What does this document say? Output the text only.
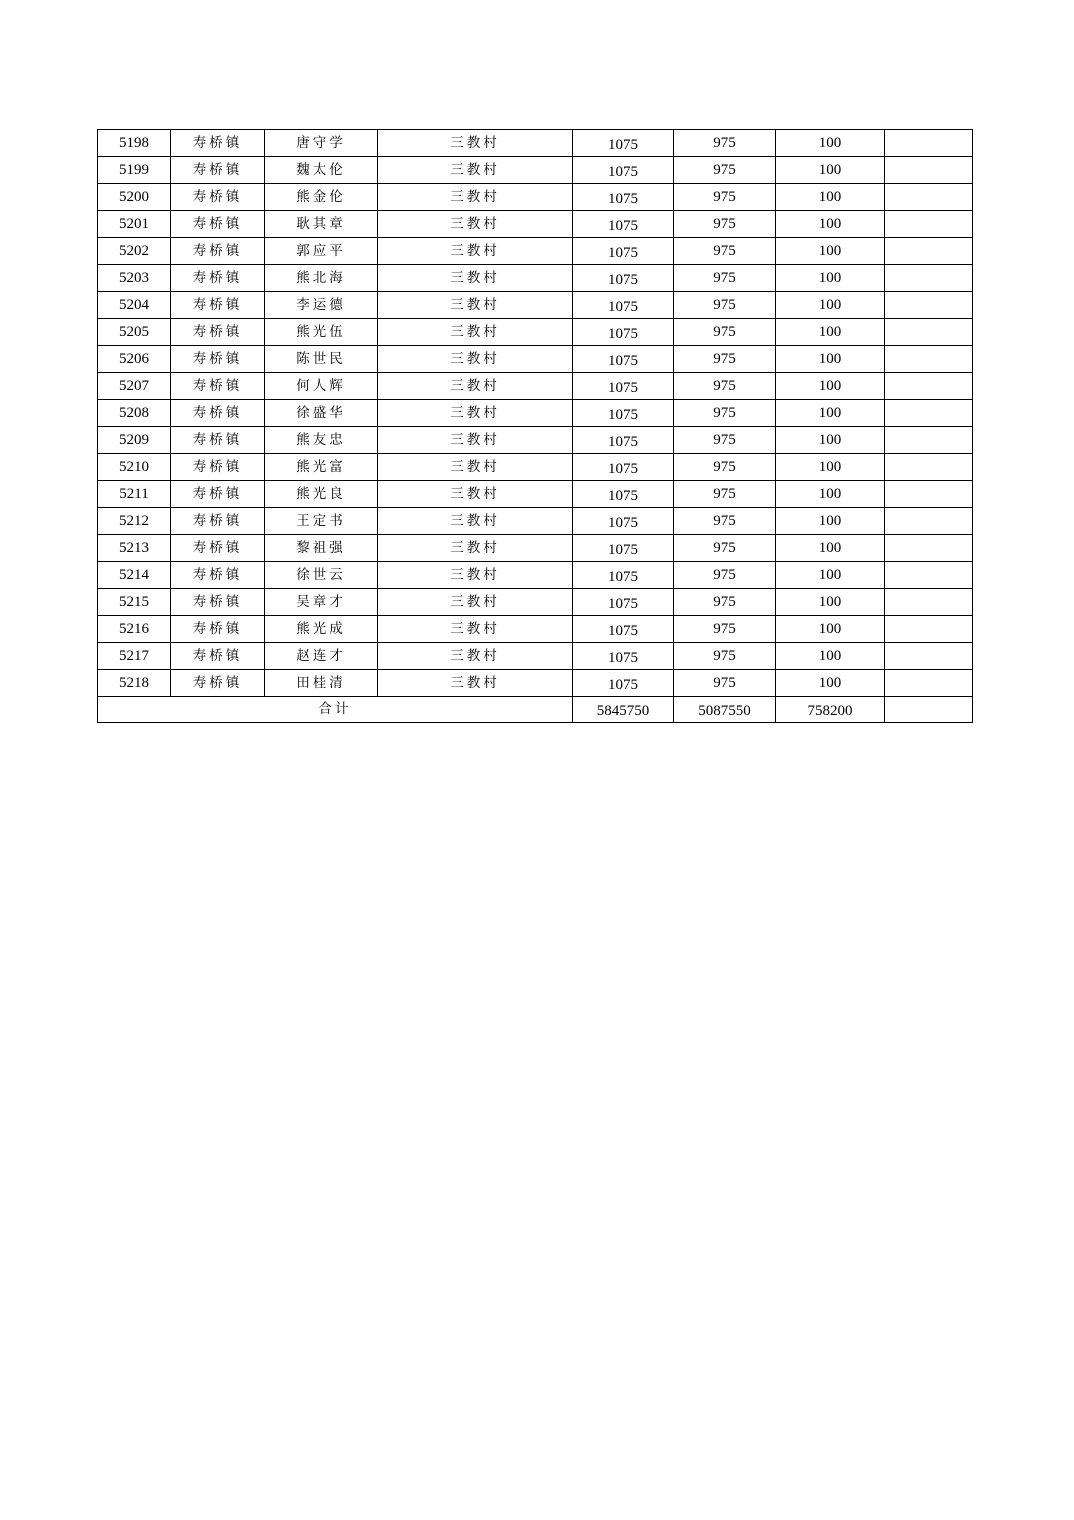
5198	寿桥镇	唐守学	三教村	1075	975	100	
5199	寿桥镇	魏太伦	三教村	1075	975	100	
5200	寿桥镇	熊金伦	三教村	1075	975	100	
5201	寿桥镇	耿其章	三教村	1075	975	100	
5202	寿桥镇	郭应平	三教村	1075	975	100	
5203	寿桥镇	熊北海	三教村	1075	975	100	
5204	寿桥镇	李运德	三教村	1075	975	100	
5205	寿桥镇	熊光伍	三教村	1075	975	100	
5206	寿桥镇	陈世民	三教村	1075	975	100	
5207	寿桥镇	何人辉	三教村	1075	975	100	
5208	寿桥镇	徐盛华	三教村	1075	975	100	
5209	寿桥镇	熊友忠	三教村	1075	975	100	
5210	寿桥镇	熊光富	三教村	1075	975	100	
5211	寿桥镇	熊光良	三教村	1075	975	100	
5212	寿桥镇	王定书	三教村	1075	975	100	
5213	寿桥镇	黎祖强	三教村	1075	975	100	
5214	寿桥镇	徐世云	三教村	1075	975	100	
5215	寿桥镇	吴章才	三教村	1075	975	100	
5216	寿桥镇	熊光成	三教村	1075	975	100	
5217	寿桥镇	赵连才	三教村	1075	975	100	
5218	寿桥镇	田桂清	三教村	1075	975	100	
合计				5845750	5087550	758200	
